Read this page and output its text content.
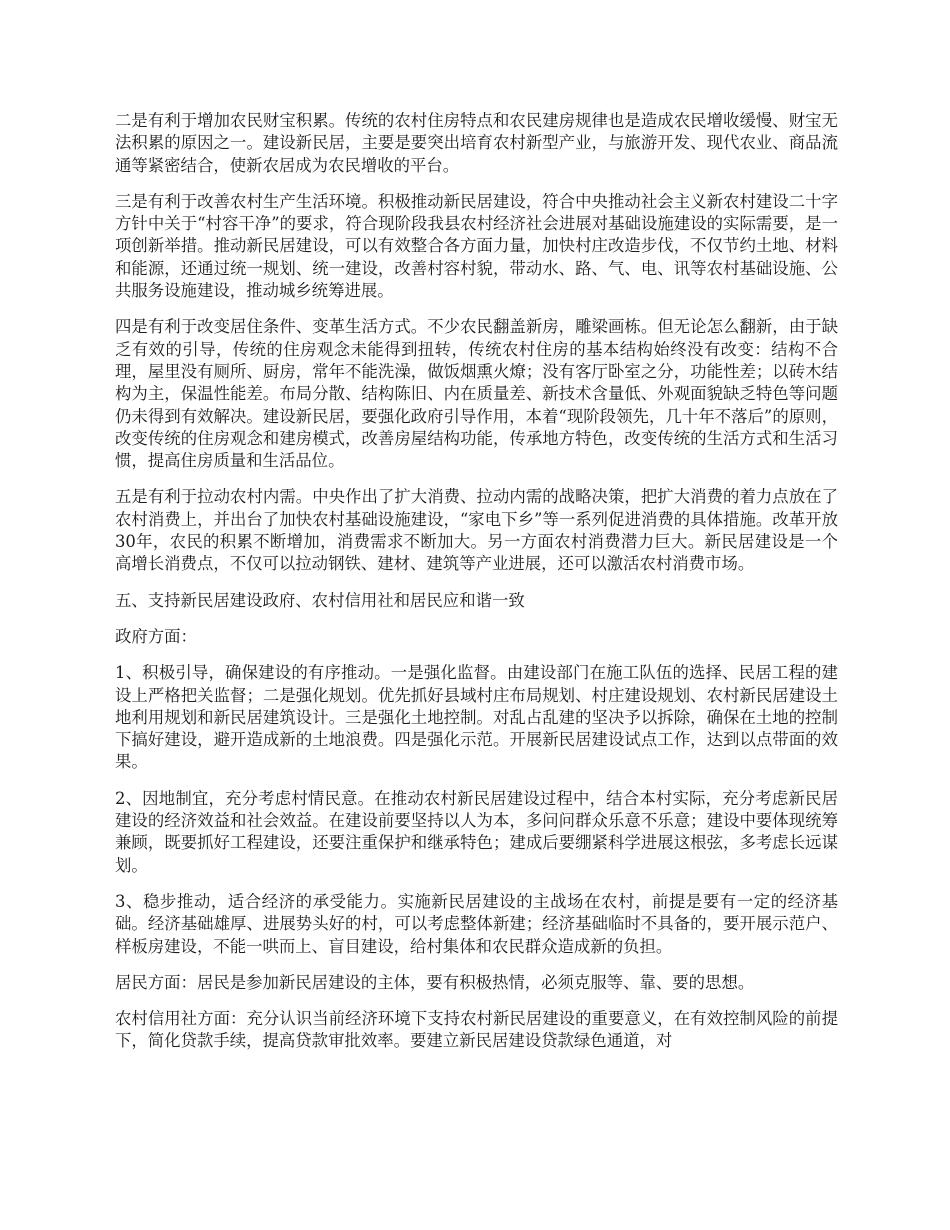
二是有利于增加农民财宝积累。传统的农村住房特点和农民建房规律也是造成农民增收缓慢、财宝无法积累的原因之一。建设新民居，主要是要突出培育农村新型产业，与旅游开发、现代农业、商品流通等紧密结合，使新农居成为农民增收的平台。

三是有利于改善农村生产生活环境。积极推动新民居建设，符合中央推动社会主义新农村建设二十字方针中关于“村容干净”的要求，符合现阶段我县农村经济社会进展对基础设施建设的实际需要，是一项创新举措。推动新民居建设，可以有效整合各方面力量，加快村庄改造步伐，不仅节约土地、材料和能源，还通过统一规划、统一建设，改善村容村貌，带动水、路、气、电、讯等农村基础设施、公共服务设施建设，推动城乡统筹进展。

四是有利于改变居住条件、变革生活方式。不少农民翻盖新房，雕梁画栋。但无论怎么翻新，由于缺乏有效的引导，传统的住房观念未能得到扭转，传统农村住房的基本结构始终没有改变：结构不合理，屋里没有厕所、厨房，常年不能洗澡，做饭烟熏火燎；没有客厅卧室之分，功能性差；以砖木结构为主，保温性能差。布局分散、结构陈旧、内在质量差、新技术含量低、外观面貌缺乏特色等问题仍未得到有效解决。建设新民居，要强化政府引导作用，本着“现阶段领先，几十年不落后”的原则，改变传统的住房观念和建房模式，改善房屋结构功能，传承地方特色，改变传统的生活方式和生活习惯，提高住房质量和生活品位。

五是有利于拉动农村内需。中央作出了扩大消费、拉动内需的战略决策，把扩大消费的着力点放在了农村消费上，并出台了加快农村基础设施建设，“家电下乡”等一系列促进消费的具体措施。改革开放30年，农民的积累不断增加，消费需求不断加大。另一方面农村消费潜力巨大。新民居建设是一个高增长消费点，不仅可以拉动钢铁、建材、建筑等产业进展，还可以激活农村消费市场。

五、支持新民居建设政府、农村信用社和居民应和谐一致

政府方面：

1、积极引导，确保建设的有序推动。一是强化监督。由建设部门在施工队伍的选择、民居工程的建设上严格把关监督；二是强化规划。优先抓好县域村庄布局规划、村庄建设规划、农村新民居建设土地利用规划和新民居建筑设计。三是强化土地控制。对乱占乱建的坚决予以拆除，确保在土地的控制下搞好建设，避开造成新的土地浪费。四是强化示范。开展新民居建设试点工作，达到以点带面的效果。

2、因地制宜，充分考虑村情民意。在推动农村新民居建设过程中，结合本村实际，充分考虑新民居建设的经济效益和社会效益。在建设前要坚持以人为本，多问问群众乐意不乐意；建设中要体现统筹兼顾，既要抓好工程建设，还要注重保护和继承特色；建成后要绷紧科学进展这根弦，多考虑长远谋划。

3、稳步推动，适合经济的承受能力。实施新民居建设的主战场在农村，前提是要有一定的经济基础。经济基础雄厚、进展势头好的村，可以考虑整体新建；经济基础临时不具备的，要开展示范户、样板房建设，不能一哄而上、盲目建设，给村集体和农民群众造成新的负担。

居民方面：居民是参加新民居建设的主体，要有积极热情，必须克服等、靠、要的思想。

农村信用社方面：充分认识当前经济环境下支持农村新民居建设的重要意义，在有效控制风险的前提下，简化贷款手续，提高贷款审批效率。要建立新民居建设贷款绿色通道，对
